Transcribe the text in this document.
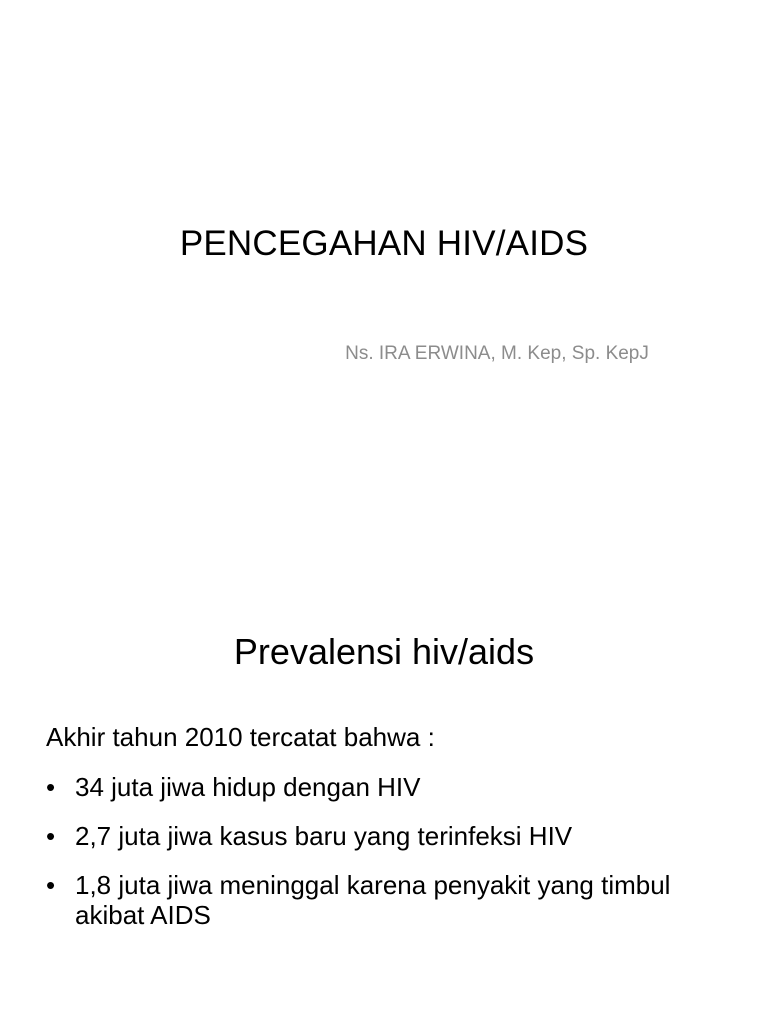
PENCEGAHAN HIV/AIDS
Ns. IRA ERWINA, M. Kep, Sp. KepJ
Prevalensi hiv/aids

Akhir tahun 2010 tercatat bahwa :

• 34 juta jiwa hidup dengan HIV
• 2,7 juta jiwa kasus baru yang terinfeksi HIV
• 1,8 juta jiwa meninggal karena penyakit yang timbul akibat AIDS
